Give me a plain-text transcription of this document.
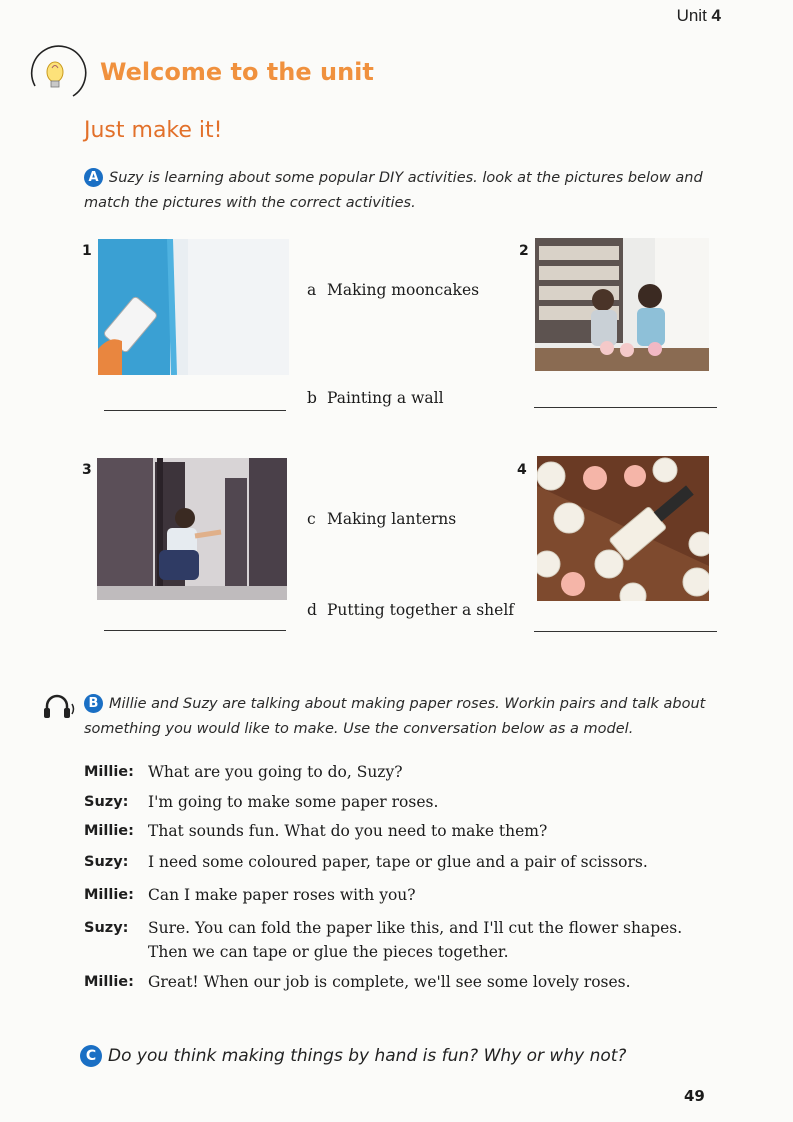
Unit 4
Welcome to the unit
Just make it!
A Suzy is learning about some popular DIY activities. look at the pictures below and match the pictures with the correct activities.
1	2
a Making mooncakes
b Painting a wall
3	4
c Making lanterns
d Putting together a shelf
B Millie and Suzy are talking about making paper roses. Workin pairs and talk about something you would like to make. Use the conversation below as a model.
Millie: What are you going to do, Suzy?
Suzy:	I'm going to make some paper roses.
Millie: That sounds fun. What do you need to make them?
Suzy:	I need some coloured paper, tape or glue and a pair of scissors.
Millie: Can I make paper roses with you?
Suzy:	Sure. You can fold the paper like this, and I'll cut the flower shapes. Then we can tape or glue the pieces together.
Millie: Great! When our job is complete, we'll see some lovely roses.
C Do you think making things by hand is fun? Why or why not?
49
